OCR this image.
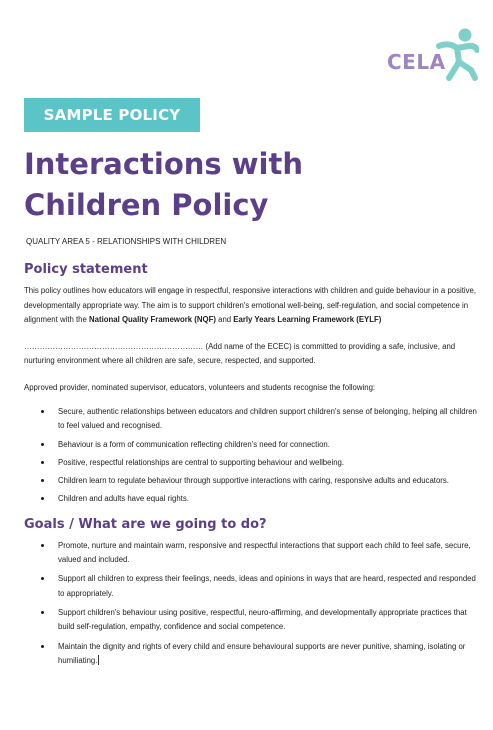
CELA
SAMPLE POLICY
Interactions with
Children Policy
QUALITY AREA 5 - RELATIONSHIPS WITH CHILDREN
Policy statement

This policy outlines how educators will engage in respectful, responsive interactions with children and guide behaviour in a positive, developmentally appropriate way. The aim is to support children's emotional well-being, self-regulation, and social competence in alignment with the National Quality Framework (NQF) and Early Years Learning Framework (EYLF)

…………………………………………………………… (Add name of the ECEC) is committed to providing a safe, inclusive, and nurturing environment where all children are safe, secure, respected, and supported.

Approved provider, nominated supervisor, educators, volunteers and students recognise the following:

Secure, authentic relationships between educators and children support children's sense of belonging, helping all children to feel valued and recognised.
Behaviour is a form of communication reflecting children's need for connection.
Positive, respectful relationships are central to supporting behaviour and wellbeing.
Children learn to regulate behaviour through supportive interactions with caring, responsive adults and educators.
Children and adults have equal rights.
Goals / What are we going to do?
Promote, nurture and maintain warm, responsive and respectful interactions that support each child to feel safe, secure, valued and included.
Support all children to express their feelings, needs, ideas and opinions in ways that are heard, respected and responded to appropriately.
Support children's behaviour using positive, respectful, neuro-affirming, and developmentally appropriate practices that build self-regulation, empathy, confidence and social competence.
Maintain the dignity and rights of every child and ensure behavioural supports are never punitive, shaming, isolating or humiliating.
